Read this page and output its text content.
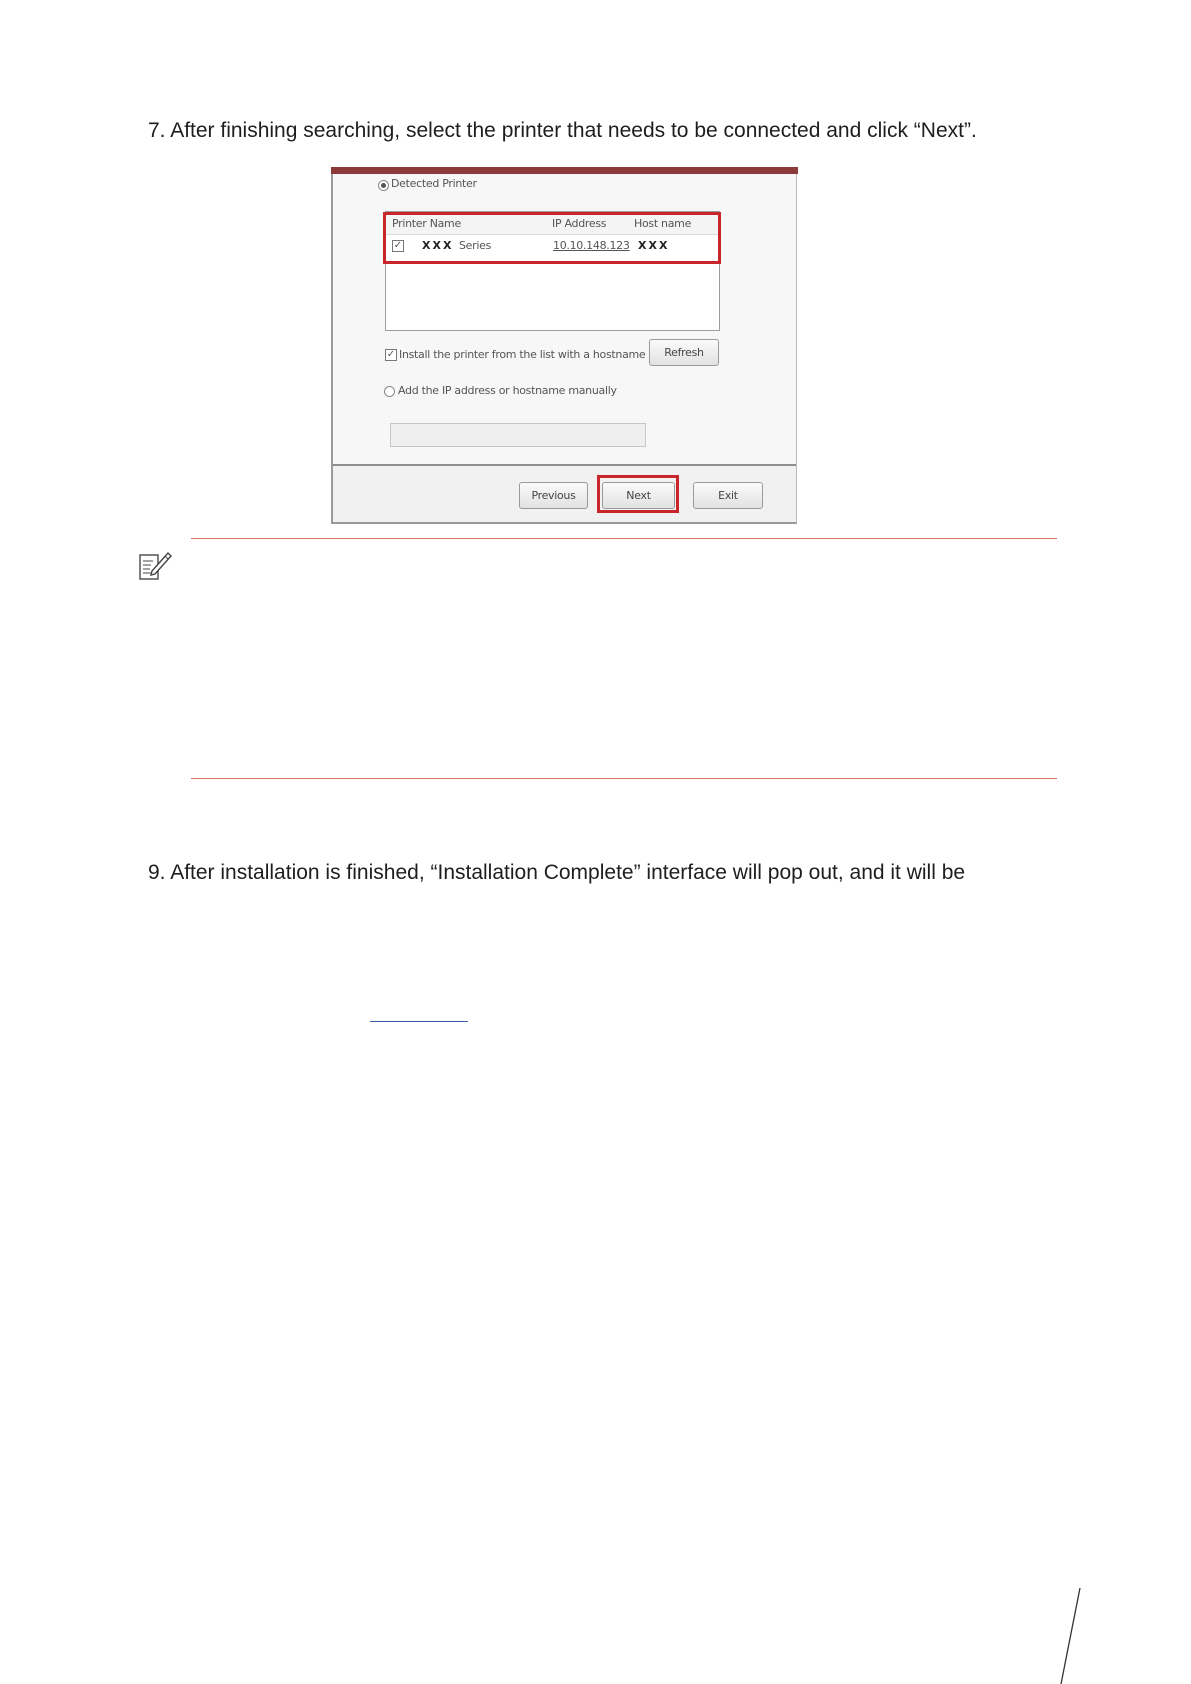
7. After finishing searching, select the printer that needs to be connected and click “Next”.
Detected Printer
Printer Name	IP Address	Host name
✓ XXX Series	10.10.148.123 XXX
✓ Install the printer from the list with a hostname	Refresh
Add the IP address or hostname manually
Previous	Next	Exit
9. After installation is finished, “Installation Complete” interface will pop out, and it will be
